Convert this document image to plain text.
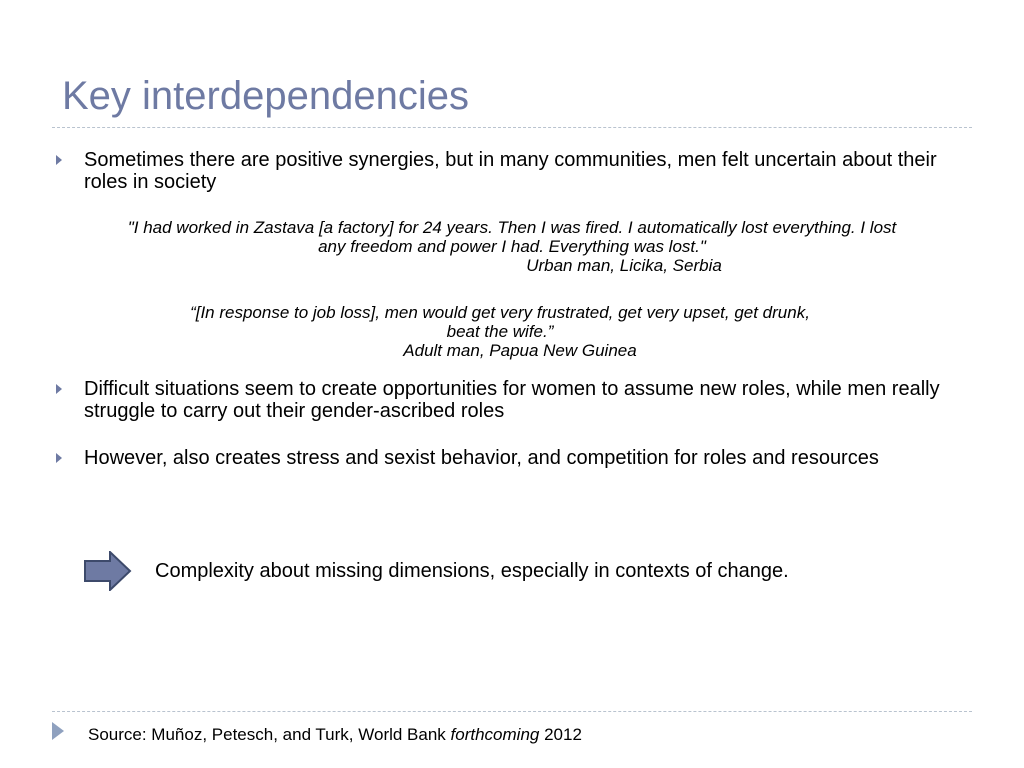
Key interdependencies
Sometimes there are positive synergies, but in many communities, men felt uncertain about their roles in society
"I had worked in Zastava [a factory] for 24 years. Then I was fired. I automatically lost everything. I lost
any freedom and power I had. Everything was lost."
Urban man, Licika, Serbia
“[In response to job loss], men would get very frustrated, get very upset, get drunk,
beat the wife.”
Adult man, Papua New Guinea
Difficult situations seem to create opportunities for women to assume new roles, while men really struggle to carry out their gender-ascribed roles
However, also creates stress and sexist behavior, and competition for roles and resources
Complexity about missing dimensions, especially in contexts of change.
Source: Muñoz, Petesch, and Turk, World Bank forthcoming 2012
